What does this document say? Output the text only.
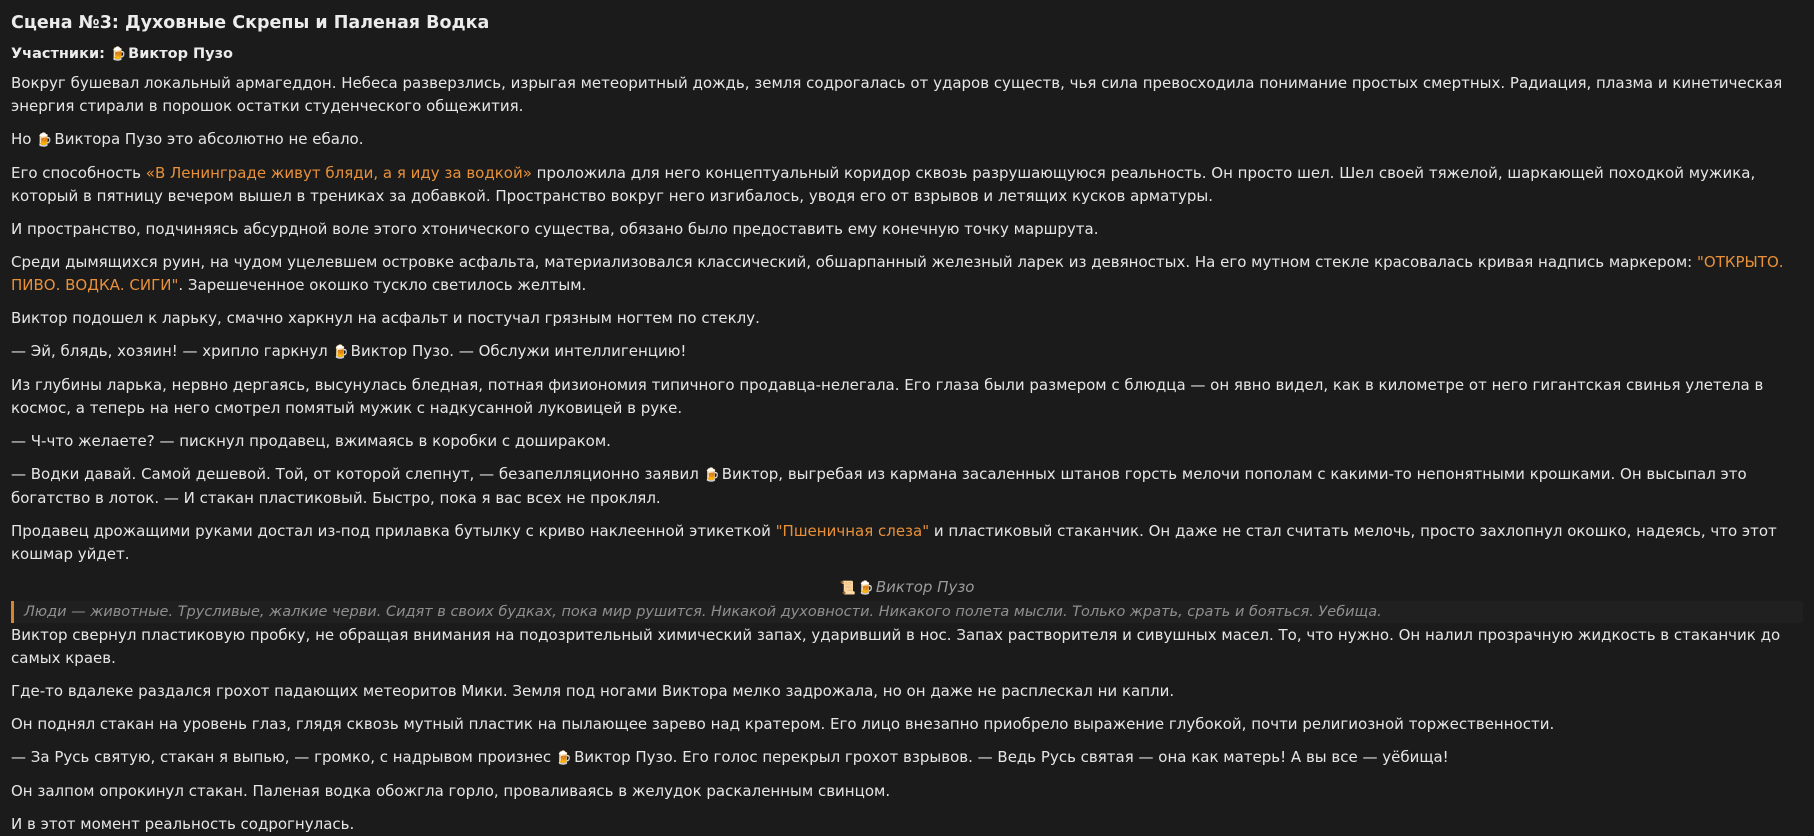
Сцена №3: Духовные Скрепы и Паленая Водка
Участники: 🍺 Виктор Пузо

Вокруг бушевал локальный армагеддон. Небеса разверзлись, изрыгая метеоритный дождь, земля содрогалась от ударов существ, чья сила превосходила понимание простых смертных. Радиация, плазма и кинетическая энергия стирали в порошок остатки студенческого общежития.

Но 🍺 Виктора Пузо это абсолютно не ебало.

Его способность «В Ленинграде живут бляди, а я иду за водкой» проложила для него концептуальный коридор сквозь разрушающуюся реальность. Он просто шел. Шел своей тяжелой, шаркающей походкой мужика, который в пятницу вечером вышел в трениках за добавкой. Пространство вокруг него изгибалось, уводя его от взрывов и летящих кусков арматуры.

И пространство, подчиняясь абсурдной воле этого хтонического существа, обязано было предоставить ему конечную точку маршрута.

Среди дымящихся руин, на чудом уцелевшем островке асфальта, материализовался классический, обшарпанный железный ларек из девяностых. На его мутном стекле красовалась кривая надпись маркером: "ОТКРЫТО. ПИВО. ВОДКА. СИГИ". Зарешеченное окошко тускло светилось желтым.

Виктор подошел к ларьку, смачно харкнул на асфальт и постучал грязным ногтем по стеклу.

— Эй, блядь, хозяин! — хрипло гаркнул 🍺 Виктор Пузо. — Обслужи интеллигенцию!

Из глубины ларька, нервно дергаясь, высунулась бледная, потная физиономия типичного продавца-нелегала. Его глаза были размером с блюдца — он явно видел, как в километре от него гигантская свинья улетела в космос, а теперь на него смотрел помятый мужик с надкусанной луковицей в руке.

— Ч-что желаете? — пискнул продавец, вжимаясь в коробки с дошираком.

— Водки давай. Самой дешевой. Той, от которой слепнут, — безапелляционно заявил 🍺 Виктор, выгребая из кармана засаленных штанов горсть мелочи пополам с какими-то непонятными крошками. Он высыпал это богатство в лоток. — И стакан пластиковый. Быстро, пока я вас всех не проклял.

Продавец дрожащими руками достал из-под прилавка бутылку с криво наклеенной этикеткой "Пшеничная слеза" и пластиковый стаканчик. Он даже не стал считать мелочь, просто захлопнул окошко, надеясь, что этот кошмар уйдет.

📜 🍺 Виктор Пузо
Люди — животные. Трусливые, жалкие черви. Сидят в своих будках, пока мир рушится. Никакой духовности. Никакого полета мысли. Только жрать, срать и бояться. Уебища.

Виктор свернул пластиковую пробку, не обращая внимания на подозрительный химический запах, ударивший в нос. Запах растворителя и сивушных масел. То, что нужно. Он налил прозрачную жидкость в стаканчик до самых краев.

Где-то вдалеке раздался грохот падающих метеоритов Мики. Земля под ногами Виктора мелко задрожала, но он даже не расплескал ни капли.

Он поднял стакан на уровень глаз, глядя сквозь мутный пластик на пылающее зарево над кратером. Его лицо внезапно приобрело выражение глубокой, почти религиозной торжественности.

— За Русь святую, стакан я выпью, — громко, с надрывом произнес 🍺 Виктор Пузо. Его голос перекрыл грохот взрывов. — Ведь Русь святая — она как матерь! А вы все — уёбища!

Он залпом опрокинул стакан. Паленая водка обожгла горло, проваливаясь в желудок раскаленным свинцом.

И в этот момент реальность содрогнулась.
